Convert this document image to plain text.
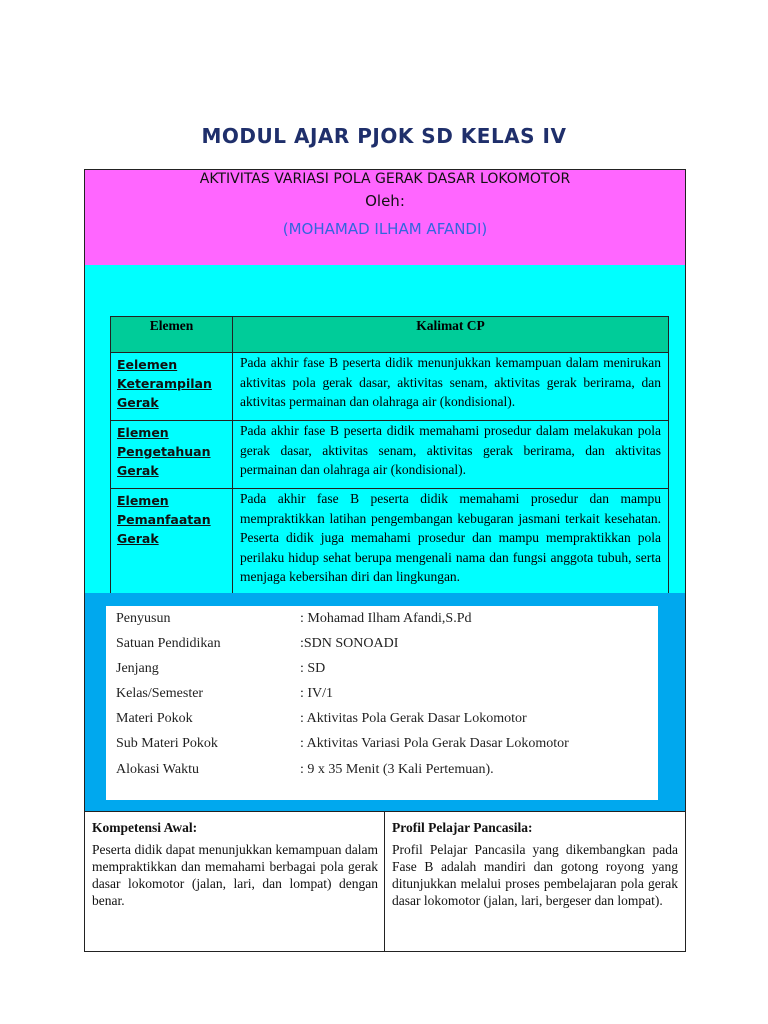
MODUL AJAR PJOK SD KELAS IV
AKTIVITAS VARIASI POLA GERAK DASAR LOKOMOTOR
Oleh:
(MOHAMAD ILHAM AFANDI)
Elemen	Kalimat CP
Eelemen Keterampilan Gerak	Pada akhir fase B peserta didik menunjukkan kemampuan dalam menirukan aktivitas pola gerak dasar, aktivitas senam, aktivitas gerak berirama, dan aktivitas permainan dan olahraga air (kondisional).
Elemen Pengetahuan Gerak	Pada akhir fase B peserta didik memahami prosedur dalam melakukan pola gerak dasar, aktivitas senam, aktivitas gerak berirama, dan aktivitas permainan dan olahraga air (kondisional).
Elemen Pemanfaatan Gerak	Pada akhir fase B peserta didik memahami prosedur dan mampu mempraktikkan latihan pengembangan kebugaran jasmani terkait kesehatan. Peserta didik juga memahami prosedur dan mampu mempraktikkan pola perilaku hidup sehat berupa mengenali nama dan fungsi anggota tubuh, serta menjaga kebersihan diri dan lingkungan.
Penyusun	: Mohamad Ilham Afandi,S.Pd
Satuan Pendidikan	:SDN SONOADI
Jenjang	: SD
Kelas/Semester	: IV/1
Materi Pokok	: Aktivitas Pola Gerak Dasar Lokomotor
Sub Materi Pokok	: Aktivitas Variasi Pola Gerak Dasar Lokomotor
Alokasi Waktu	: 9 x 35 Menit (3 Kali Pertemuan).
Kompetensi Awal:
Peserta didik dapat menunjukkan kemampuan dalam mempraktikkan dan memahami berbagai pola gerak dasar lokomotor (jalan, lari, dan lompat) dengan benar.
Profil Pelajar Pancasila:
Profil Pelajar Pancasila yang dikembangkan pada Fase B adalah mandiri dan gotong royong yang ditunjukkan melalui proses pembelajaran pola gerak dasar lokomotor (jalan, lari, bergeser dan lompat).
